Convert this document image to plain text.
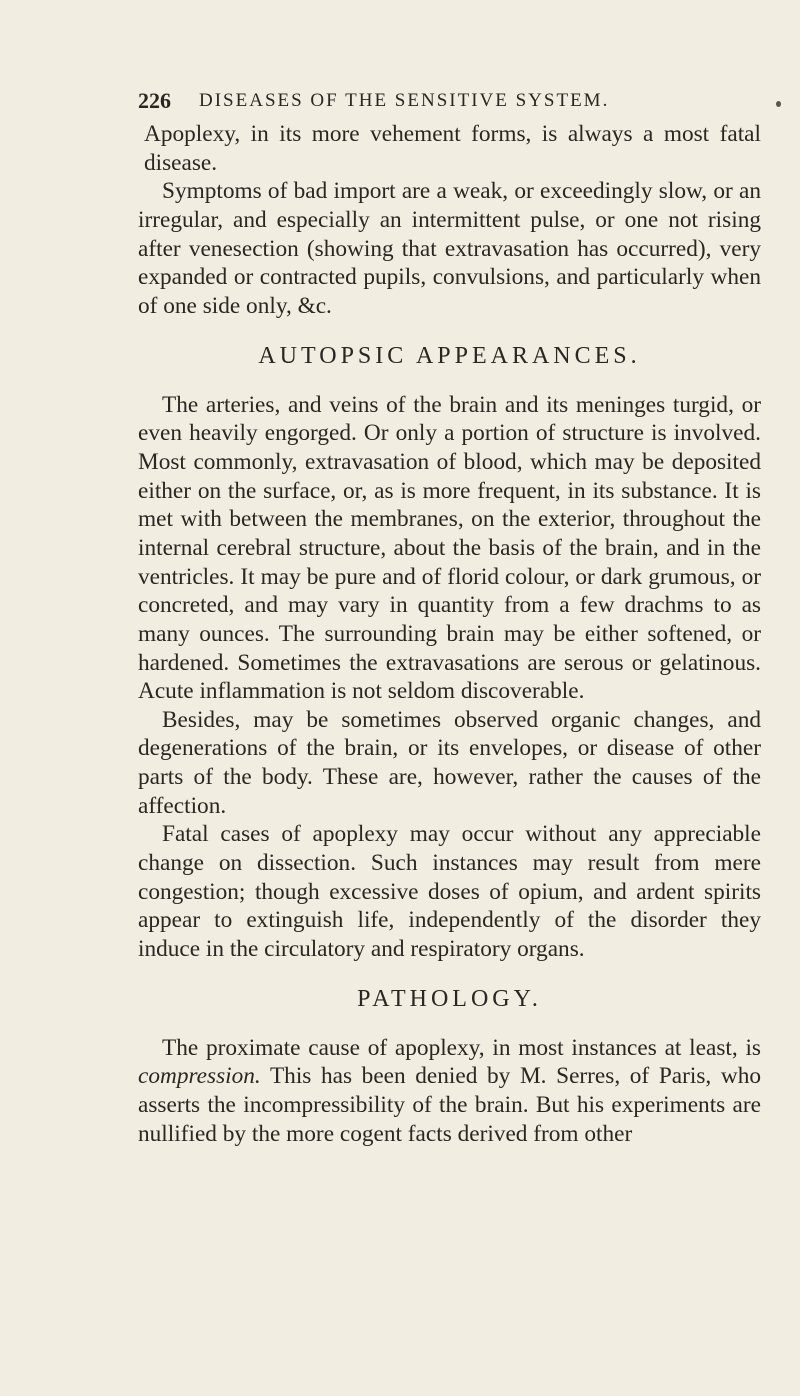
226 DISEASES OF THE SENSITIVE SYSTEM.

Apoplexy, in its more vehement forms, is always a most fatal disease.

Symptoms of bad import are a weak, or exceedingly slow, or an irregular, and especially an intermittent pulse, or one not rising after venesection (showing that extravasation has occurred), very expanded or contracted pupils, convulsions, and particularly when of one side only, &c.

AUTOPSIC APPEARANCES.

The arteries, and veins of the brain and its meninges turgid, or even heavily engorged. Or only a portion of structure is involved. Most commonly, extravasation of blood, which may be deposited either on the surface, or, as is more frequent, in its substance. It is met with between the membranes, on the exterior, throughout the internal cerebral structure, about the basis of the brain, and in the ventricles. It may be pure and of florid colour, or dark grumous, or concreted, and may vary in quantity from a few drachms to as many ounces. The surrounding brain may be either softened, or hardened. Sometimes the extravasations are serous or gelatinous. Acute inflammation is not seldom discoverable.

Besides, may be sometimes observed organic changes, and degenerations of the brain, or its envelopes, or disease of other parts of the body. These are, however, rather the causes of the affection.

Fatal cases of apoplexy may occur without any appreciable change on dissection. Such instances may result from mere congestion; though excessive doses of opium, and ardent spirits appear to extinguish life, independently of the disorder they induce in the circulatory and respiratory organs.

PATHOLOGY.

The proximate cause of apoplexy, in most instances at least, is compression. This has been denied by M. Serres, of Paris, who asserts the incompressibility of the brain. But his experiments are nullified by the more cogent facts derived from other
